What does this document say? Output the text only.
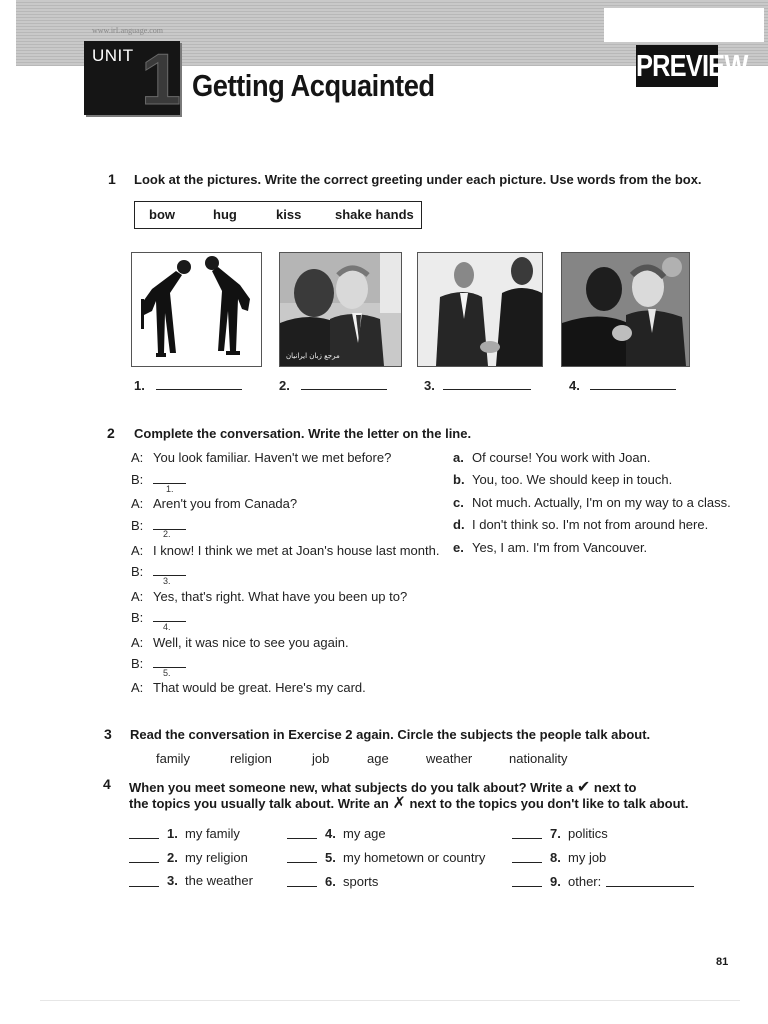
www.irLanguage.com
UNIT 1 Getting Acquainted
PREVIEW
1 Look at the pictures. Write the correct greeting under each picture. Use words from the box.
bow	hug	kiss	shake hands
مرجع زبان ایرانیان
1.	2.	3.	4.
2 Complete the conversation. Write the letter on the line.
A: You look familiar. Haven't we met before?
B:
1.
A: Aren't you from Canada?
B:
2.
A: I know! I think we met at Joan's house last month.
B:
3.
A: Yes, that's right. What have you been up to?
B:
4.
A: Well, it was nice to see you again.
B:
5.
A: That would be great. Here's my card.
a. Of course! You work with Joan.
b. You, too. We should keep in touch.
c. Not much. Actually, I'm on my way to a class.
d. I don't think so. I'm not from around here.
e. Yes, I am. I'm from Vancouver.
3 Read the conversation in Exercise 2 again. Circle the subjects the people talk about.
family	religion	job	age	weather	nationality
4 When you meet someone new, what subjects do you talk about? Write a ✔ next to
the topics you usually talk about. Write an ✗ next to the topics you don't like to talk about.
1. my family
2. my religion
3. the weather
4. my age
5. my hometown or country
6. sports
7. politics
8. my job
9. other:
81
